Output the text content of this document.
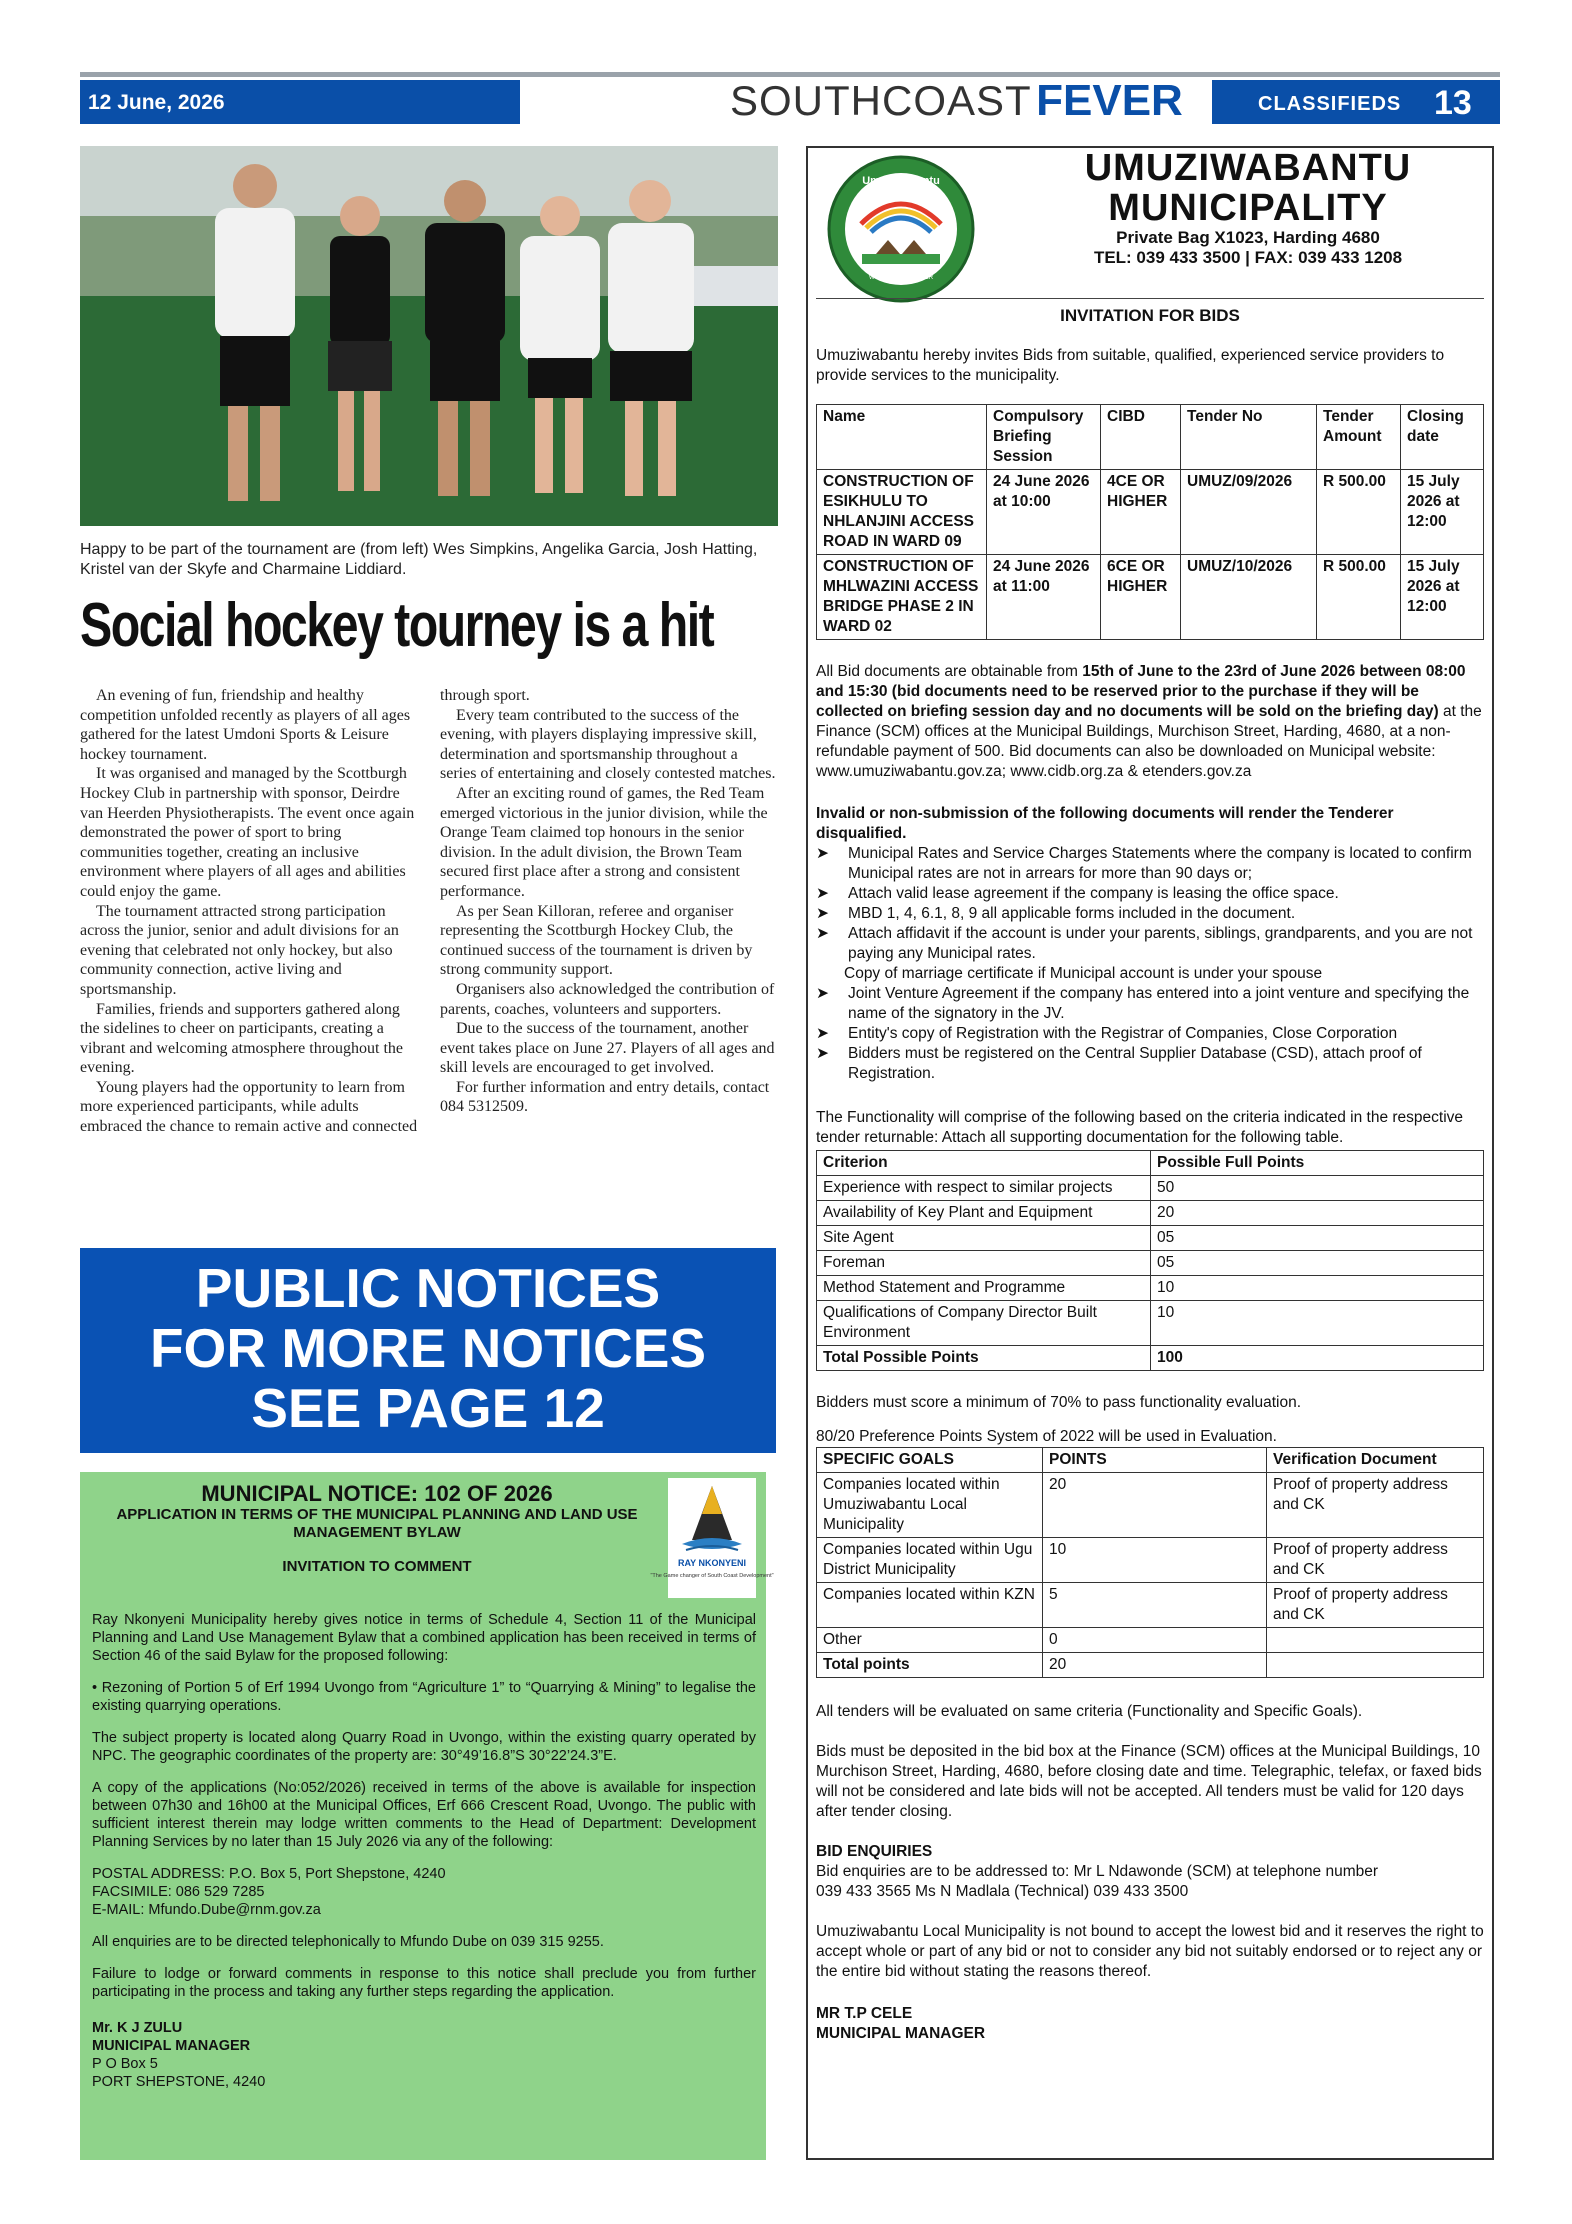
12 June, 2026	SOUTHCOAST FEVER	CLASSIFIEDS 13
Happy to be part of the tournament are (from left) Wes Simpkins, Angelika Garcia, Josh Hatting, Kristel van der Skyfe and Charmaine Liddiard.
Social hockey tourney is a hit

An evening of fun, friendship and healthy competition unfolded recently as players of all ages gathered for the latest Umdoni Sports & Leisure hockey tournament.

It was organised and managed by the Scottburgh Hockey Club in partnership with sponsor, Deirdre van Heerden Physiotherapists. The event once again demonstrated the power of sport to bring communities together, creating an inclusive environment where players of all ages and abilities could enjoy the game.

The tournament attracted strong participation across the junior, senior and adult divisions for an evening that celebrated not only hockey, but also community connection, active living and sportsmanship.

Families, friends and supporters gathered along the sidelines to cheer on participants, creating a vibrant and welcoming atmosphere throughout the evening.

Young players had the opportunity to learn from more experienced participants, while adults embraced the chance to remain active and connected

through sport.

Every team contributed to the success of the evening, with players displaying impressive skill, determination and sportsmanship throughout a series of entertaining and closely contested matches.

After an exciting round of games, the Red Team emerged victorious in the junior division, while the Orange Team claimed top honours in the senior division. In the adult division, the Brown Team secured first place after a strong and consistent performance.

As per Sean Killoran, referee and organiser representing the Scottburgh Hockey Club, the continued success of the tournament is driven by strong community support.

Organisers also acknowledged the contribution of parents, coaches, volunteers and supporters.

Due to the success of the tournament, another event takes place on June 27. Players of all ages and skill levels are encouraged to get involved.

For further information and entry details, contact 084 5312509.

PUBLIC NOTICES
FOR MORE NOTICES
SEE PAGE 12
MUNICIPAL NOTICE: 102 OF 2026
APPLICATION IN TERMS OF THE MUNICIPAL PLANNING AND LAND USE MANAGEMENT BYLAW
INVITATION TO COMMENT	RAY NKONYENI
"The Game changer of South Coast Development"

Ray Nkonyeni Municipality hereby gives notice in terms of Schedule 4, Section 11 of the Municipal Planning and Land Use Management Bylaw that a combined application has been received in terms of Section 46 of the said Bylaw for the proposed following:

• Rezoning of Portion 5 of Erf 1994 Uvongo from “Agriculture 1” to “Quarrying & Mining” to legalise the existing quarrying operations.

The subject property is located along Quarry Road in Uvongo, within the existing quarry operated by NPC. The geographic coordinates of the property are: 30°49’16.8”S 30°22’24.3”E.

A copy of the applications (No:052/2026) received in terms of the above is available for inspection between 07h30 and 16h00 at the Municipal Offices, Erf 666 Crescent Road, Uvongo. The public with sufficient interest therein may lodge written comments to the Head of Department: Development Planning Services by no later than 15 July 2026 via any of the following:

POSTAL ADDRESS: P.O. Box 5, Port Shepstone, 4240

FACSIMILE: 086 529 7285
E-MAIL: Mfundo.Dube@rnm.gov.za

All enquiries are to be directed telephonically to Mfundo Dube on 039 315 9255.

Failure to lodge or forward comments in response to this notice shall preclude you from further participating in the process and taking any further steps regarding the application.

Mr. K J ZULU
MUNICIPAL MANAGER
P O Box 5
PORT SHEPSTONE, 4240
Umuziwabantu
MUNICIPALITY
WORKING TOGETHER
UMUZIWABANTU
MUNICIPALITY
Private Bag X1023, Harding 4680
TEL: 039 433 3500 | FAX: 039 433 1208
INVITATION FOR BIDS

Umuziwabantu hereby invites Bids from suitable, qualified, experienced service providers to provide services to the municipality.

Name	Compulsory Briefing Session	CIBD	Tender No	Tender Amount	Closing date
CONSTRUCTION OF ESIKHULU TO NHLANJINI ACCESS ROAD IN WARD 09	24 June 2026 at 10:00	4CE OR HIGHER	UMUZ/09/2026	R 500.00	15 July 2026 at 12:00
CONSTRUCTION OF MHLWAZINI ACCESS BRIDGE PHASE 2 IN WARD 02	24 June 2026 at 11:00	6CE OR HIGHER	UMUZ/10/2026	R 500.00	15 July 2026 at 12:00

All Bid documents are obtainable from 15th of June to the 23rd of June 2026 between 08:00 and 15:30 (bid documents need to be reserved prior to the purchase if they will be collected on briefing session day and no documents will be sold on the briefing day) at the Finance (SCM) offices at the Municipal Buildings, Murchison Street, Harding, 4680, at a non-refundable payment of 500. Bid documents can also be downloaded on Municipal website: www.umuziwabantu.gov.za; www.cidb.org.za & etenders.gov.za

Invalid or non-submission of the following documents will render the Tenderer disqualified.

➤ Municipal Rates and Service Charges Statements where the company is located to confirm Municipal rates are not in arrears for more than 90 days or;
➤ Attach valid lease agreement if the company is leasing the office space.
➤ MBD 1, 4, 6.1, 8, 9 all applicable forms included in the document.
➤ Attach affidavit if the account is under your parents, siblings, grandparents, and you are not paying any Municipal rates.
Copy of marriage certificate if Municipal account is under your spouse
➤ Joint Venture Agreement if the company has entered into a joint venture and specifying the name of the signatory in the JV.
➤ Entity's copy of Registration with the Registrar of Companies, Close Corporation
➤ Bidders must be registered on the Central Supplier Database (CSD), attach proof of Registration.

The Functionality will comprise of the following based on the criteria indicated in the respective tender returnable: Attach all supporting documentation for the following table.

Criterion	Possible Full Points
Experience with respect to similar projects	50
Availability of Key Plant and Equipment	20
Site Agent	05
Foreman	05
Method Statement and Programme	10
Qualifications of Company Director Built Environment	10
Total Possible Points	100

Bidders must score a minimum of 70% to pass functionality evaluation.

80/20 Preference Points System of 2022 will be used in Evaluation.

SPECIFIC GOALS	POINTS	Verification Document
Companies located within Umuziwabantu Local Municipality	20	Proof of property address and CK
Companies located within Ugu District Municipality	10	Proof of property address and CK
Companies located within KZN	5	Proof of property address and CK
Other	0	
Total points	20	

All tenders will be evaluated on same criteria (Functionality and Specific Goals).

Bids must be deposited in the bid box at the Finance (SCM) offices at the Municipal Buildings, 10 Murchison Street, Harding, 4680, before closing date and time. Telegraphic, telefax, or faxed bids will not be considered and late bids will not be accepted. All tenders must be valid for 120 days after tender closing.

BID ENQUIRIES

Bid enquiries are to be addressed to: Mr L Ndawonde (SCM) at telephone number
039 433 3565 Ms N Madlala (Technical) 039 433 3500

Umuziwabantu Local Municipality is not bound to accept the lowest bid and it reserves the right to accept whole or part of any bid or not to consider any bid not suitably endorsed or to reject any or the entire bid without stating the reasons thereof.

MR T.P CELE

MUNICIPAL MANAGER
